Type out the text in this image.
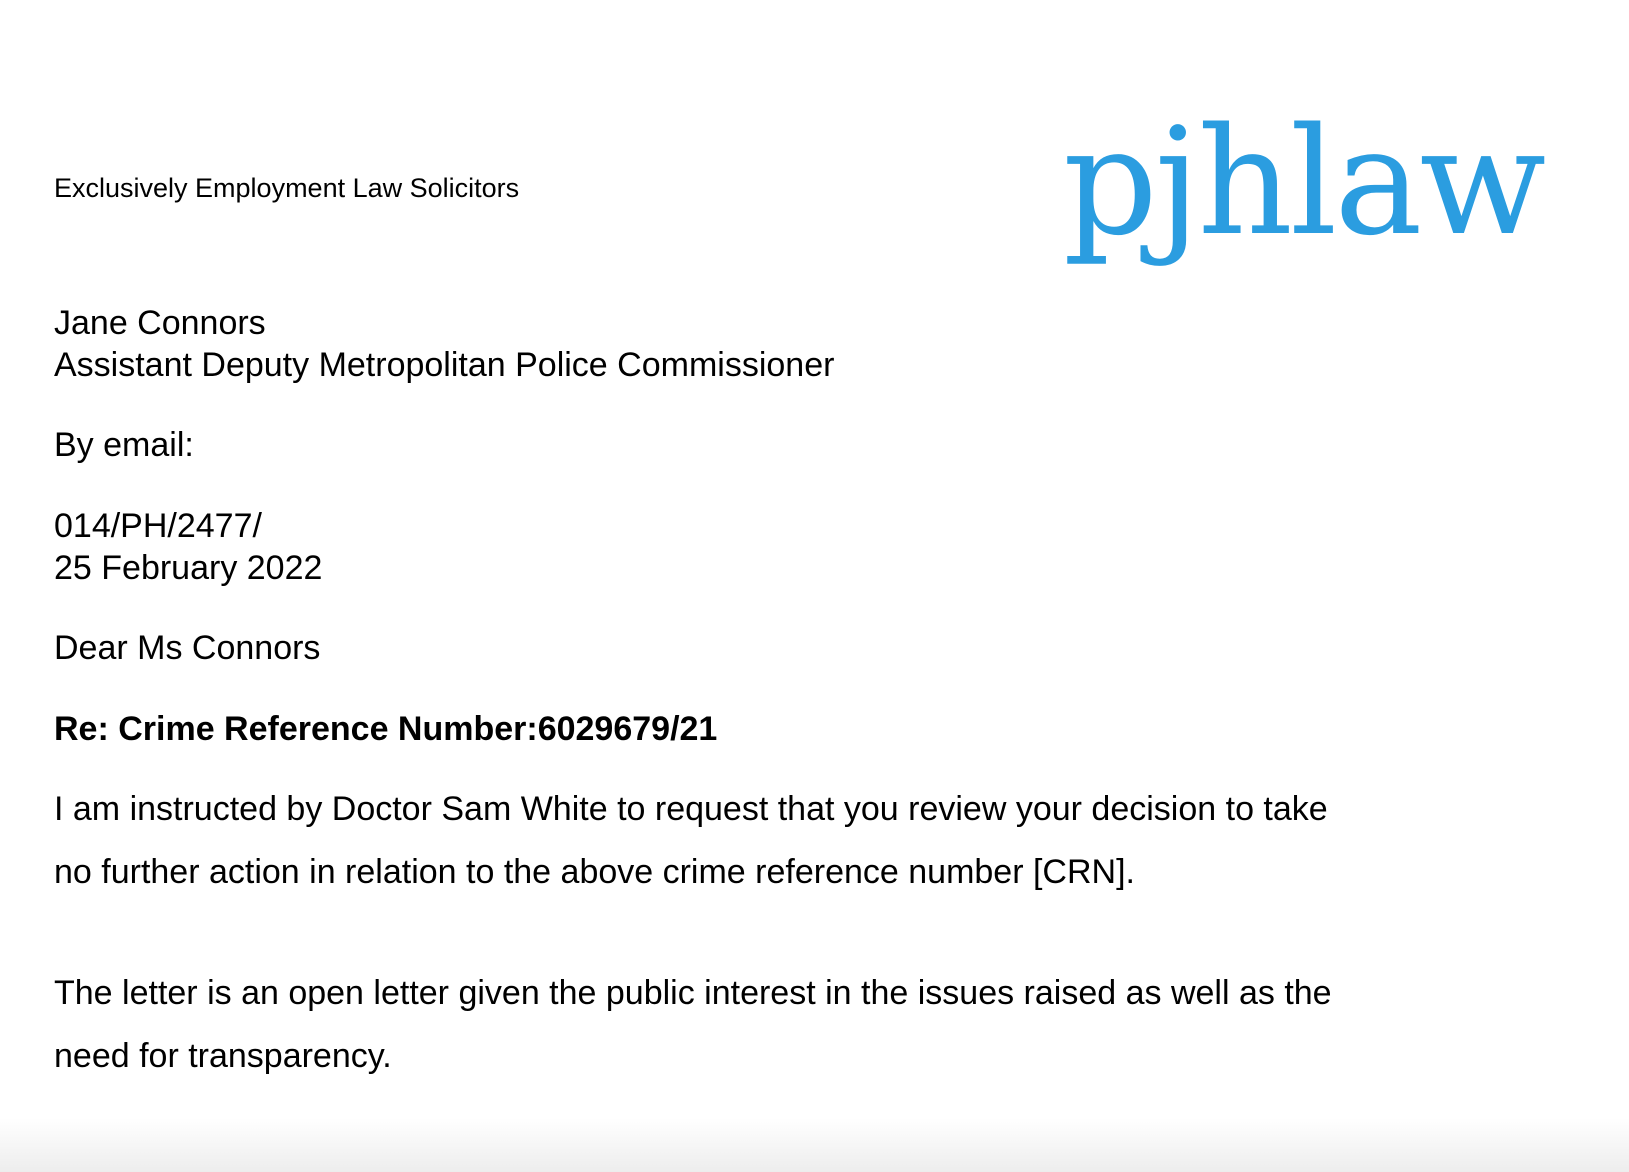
Exclusively Employment Law Solicitors	pjhlaw
Jane Connors
Assistant Deputy Metropolitan Police Commissioner
By email:
014/PH/2477/
25 February 2022
Dear Ms Connors
Re: Crime Reference Number:6029679/21
I am instructed by Doctor Sam White to request that you review your decision to take
no further action in relation to the above crime reference number [CRN].
The letter is an open letter given the public interest in the issues raised as well as the
need for transparency.
